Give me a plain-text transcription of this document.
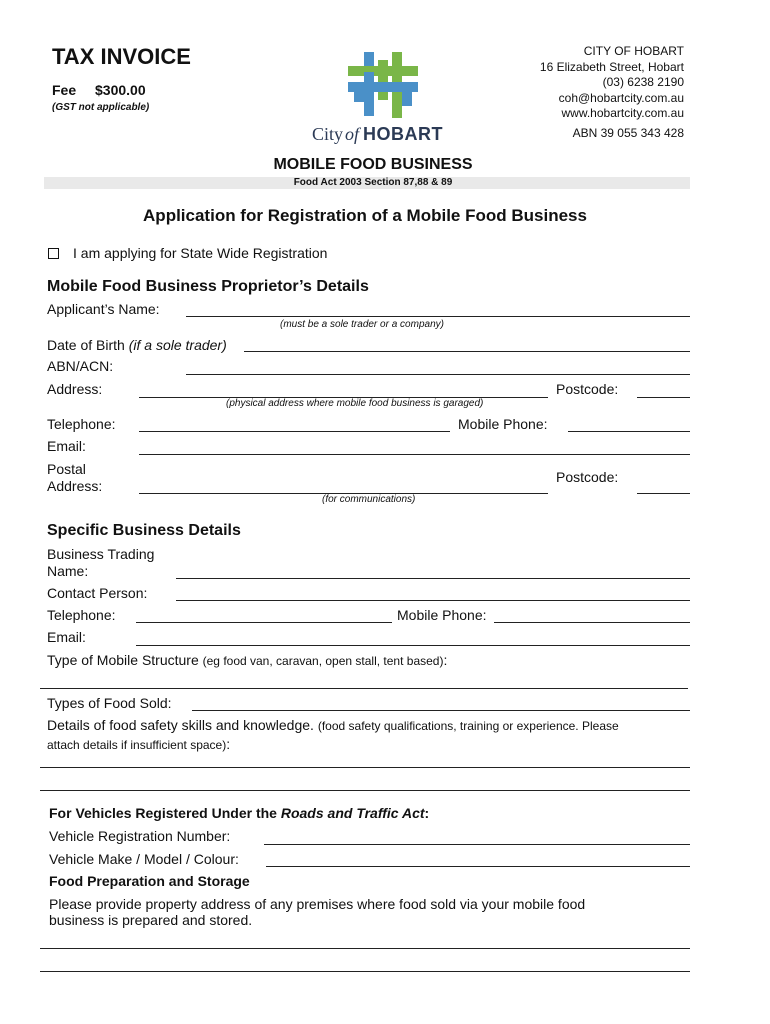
TAX INVOICE
Fee $300.00
(GST not applicable)
City of HOBART
CITY OF HOBART
16 Elizabeth Street, Hobart
(03) 6238 2190
coh@hobartcity.com.au
www.hobartcity.com.au
ABN 39 055 343 428
MOBILE FOOD BUSINESS
Food Act 2003 Section 87,88 & 89
Application for Registration of a Mobile Food Business
I am applying for State Wide Registration
Mobile Food Business Proprietor’s Details
Applicant’s Name:
(must be a sole trader or a company)
Date of Birth (if a sole trader)
ABN/ACN:
Address:	Postcode:
(physical address where mobile food business is garaged)
Telephone:	Mobile Phone:
Email:
Postal
Address:
Postcode:
(for communications)
Specific Business Details
Business Trading
Name:
Contact Person:
Telephone:	Mobile Phone:
Email:
Type of Mobile Structure (eg food van, caravan, open stall, tent based):
Types of Food Sold:
Details of food safety skills and knowledge. (food safety qualifications, training or experience. Please
attach details if insufficient space):
For Vehicles Registered Under the Roads and Traffic Act:
Vehicle Registration Number:
Vehicle Make / Model / Colour:
Food Preparation and Storage
Please provide property address of any premises where food sold via your mobile food
business is prepared and stored.
